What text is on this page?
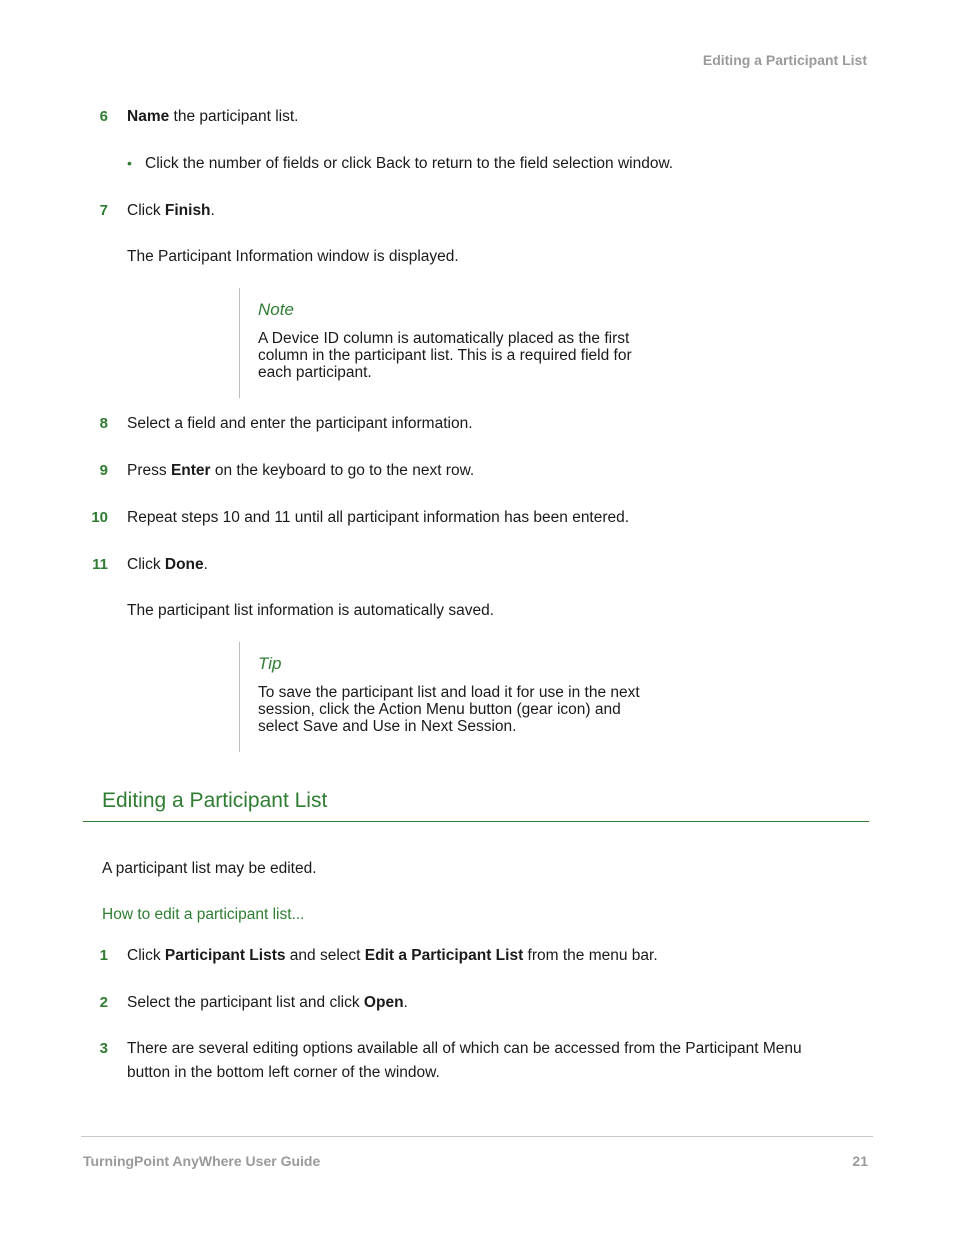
Editing a Participant List
6 Name the participant list.
• Click the number of fields or click Back to return to the field selection window.
7 Click Finish.
The Participant Information window is displayed.
Note
A Device ID column is automatically placed as the first column in the participant list. This is a required field for each participant.
8 Select a field and enter the participant information.
9 Press Enter on the keyboard to go to the next row.
10 Repeat steps 10 and 11 until all participant information has been entered.
11 Click Done.
The participant list information is automatically saved.
Tip
To save the participant list and load it for use in the next session, click the Action Menu button (gear icon) and select Save and Use in Next Session.
Editing a Participant List
A participant list may be edited.
How to edit a participant list...
1 Click Participant Lists and select Edit a Participant List from the menu bar.
2 Select the participant list and click Open.
3 There are several editing options available all of which can be accessed from the Participant Menu button in the bottom left corner of the window.
TurningPoint AnyWhere User Guide	21
